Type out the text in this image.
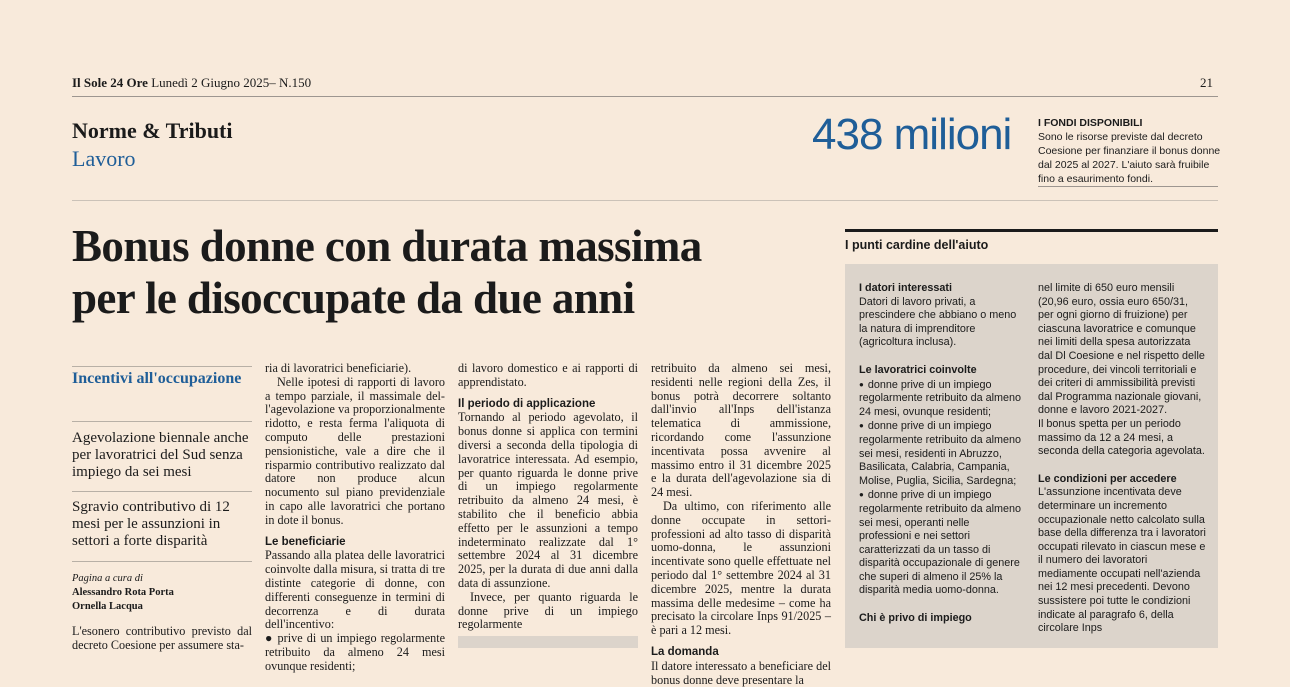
Il Sole 24 Ore Lunedì 2 Giugno 2025– N.150	21
Norme & Tributi
Lavoro	438 milioni	I FONDI DISPONIBILI
Sono le risorse previste dal decreto Coesione per finanziare il bonus donne dal 2025 al 2027. L'aiuto sarà fruibile fino a esaurimento fondi.
Bonus donne con durata massima
per le disoccupate da due anni
Incentivi all'occupazione
Agevolazione biennale anche per lavoratrici del Sud senza impiego da sei mesi
Sgravio contributivo di 12 mesi per le assunzioni in settori a forte disparità
Pagina a cura di
Alessandro Rota Porta
Ornella Lacqua

L'esonero contributivo previsto dal decreto Coesione per assumere sta-

ria di lavoratrici beneficiarie).

Nelle ipotesi di rapporti di lavoro a tempo parziale, il massimale del-l'agevolazione va proporzionalmente ridotto, e resta ferma l'aliquota di computo delle prestazioni pensionistiche, vale a dire che il risparmio contributivo realizzato dal datore non produce alcun nocumento sul piano previdenziale in capo alle lavoratrici che portano in dote il bonus.

Le beneficiarie

Passando alla platea delle lavoratrici coinvolte dalla misura, si tratta di tre distinte categorie di donne, con differenti conseguenze in termini di decorrenza e di durata dell'incentivo:

● prive di un impiego regolarmente retribuito da almeno 24 mesi ovunque residenti;

di lavoro domestico e ai rapporti di apprendistato.

Il periodo di applicazione

Tornando al periodo agevolato, il bonus donne si applica con termini diversi a seconda della tipologia di lavoratrice interessata. Ad esempio, per quanto riguarda le donne prive di un impiego regolarmente retribuito da almeno 24 mesi, è stabilito che il beneficio abbia effetto per le assunzioni a tempo indeterminato realizzate dal 1° settembre 2024 al 31 dicembre 2025, per la durata di due anni dalla data di assunzione.

Invece, per quanto riguarda le donne prive di un impiego regolarmente

retribuito da almeno sei mesi, residenti nelle regioni della Zes, il bonus potrà decorrere soltanto dall'invio all'Inps dell'istanza telematica di ammissione, ricordando come l'assunzione incentivata possa avvenire al massimo entro il 31 dicembre 2025 e la durata dell'agevolazione sia di 24 mesi.

Da ultimo, con riferimento alle donne occupate in settori-professioni ad alto tasso di disparità uomo-donna, le assunzioni incentivate sono quelle effettuate nel periodo dal 1° settembre 2024 al 31 dicembre 2025, mentre la durata massima delle medesime – come ha precisato la circolare Inps 91/2025 – è pari a 12 mesi.

La domanda

Il datore interessato a beneficiare del bonus donne deve presentare la

I punti cardine dell'aiuto
I datori interessati
Datori di lavoro privati, a prescindere che abbiano o meno la natura di imprenditore (agricoltura inclusa).
Le lavoratrici coinvolte
● donne prive di un impiego regolarmente retribuito da almeno 24 mesi, ovunque residenti;
● donne prive di un impiego regolarmente retribuito da almeno sei mesi, residenti in Abruzzo, Basilicata, Calabria, Campania, Molise, Puglia, Sicilia, Sardegna;
● donne prive di un impiego regolarmente retribuito da almeno sei mesi, operanti nelle professioni e nei settori caratterizzati da un tasso di disparità occupazionale di genere che superi di almeno il 25% la disparità media uomo-donna.
Chi è privo di impiego
nel limite di 650 euro mensili (20,96 euro, ossia euro 650/31, per ogni giorno di fruizione) per ciascuna lavoratrice e comunque nei limiti della spesa autorizzata dal Dl Coesione e nel rispetto delle procedure, dei vincoli territoriali e dei criteri di ammissibilità previsti dal Programma nazionale giovani, donne e lavoro 2021-2027.
Il bonus spetta per un periodo massimo da 12 a 24 mesi, a seconda della categoria agevolata.
Le condizioni per accedere
L'assunzione incentivata deve determinare un incremento occupazionale netto calcolato sulla base della differenza tra i lavoratori occupati rilevato in ciascun mese e il numero dei lavoratori mediamente occupati nell'azienda nei 12 mesi precedenti. Devono sussistere poi tutte le condizioni indicate al paragrafo 6, della circolare Inps
